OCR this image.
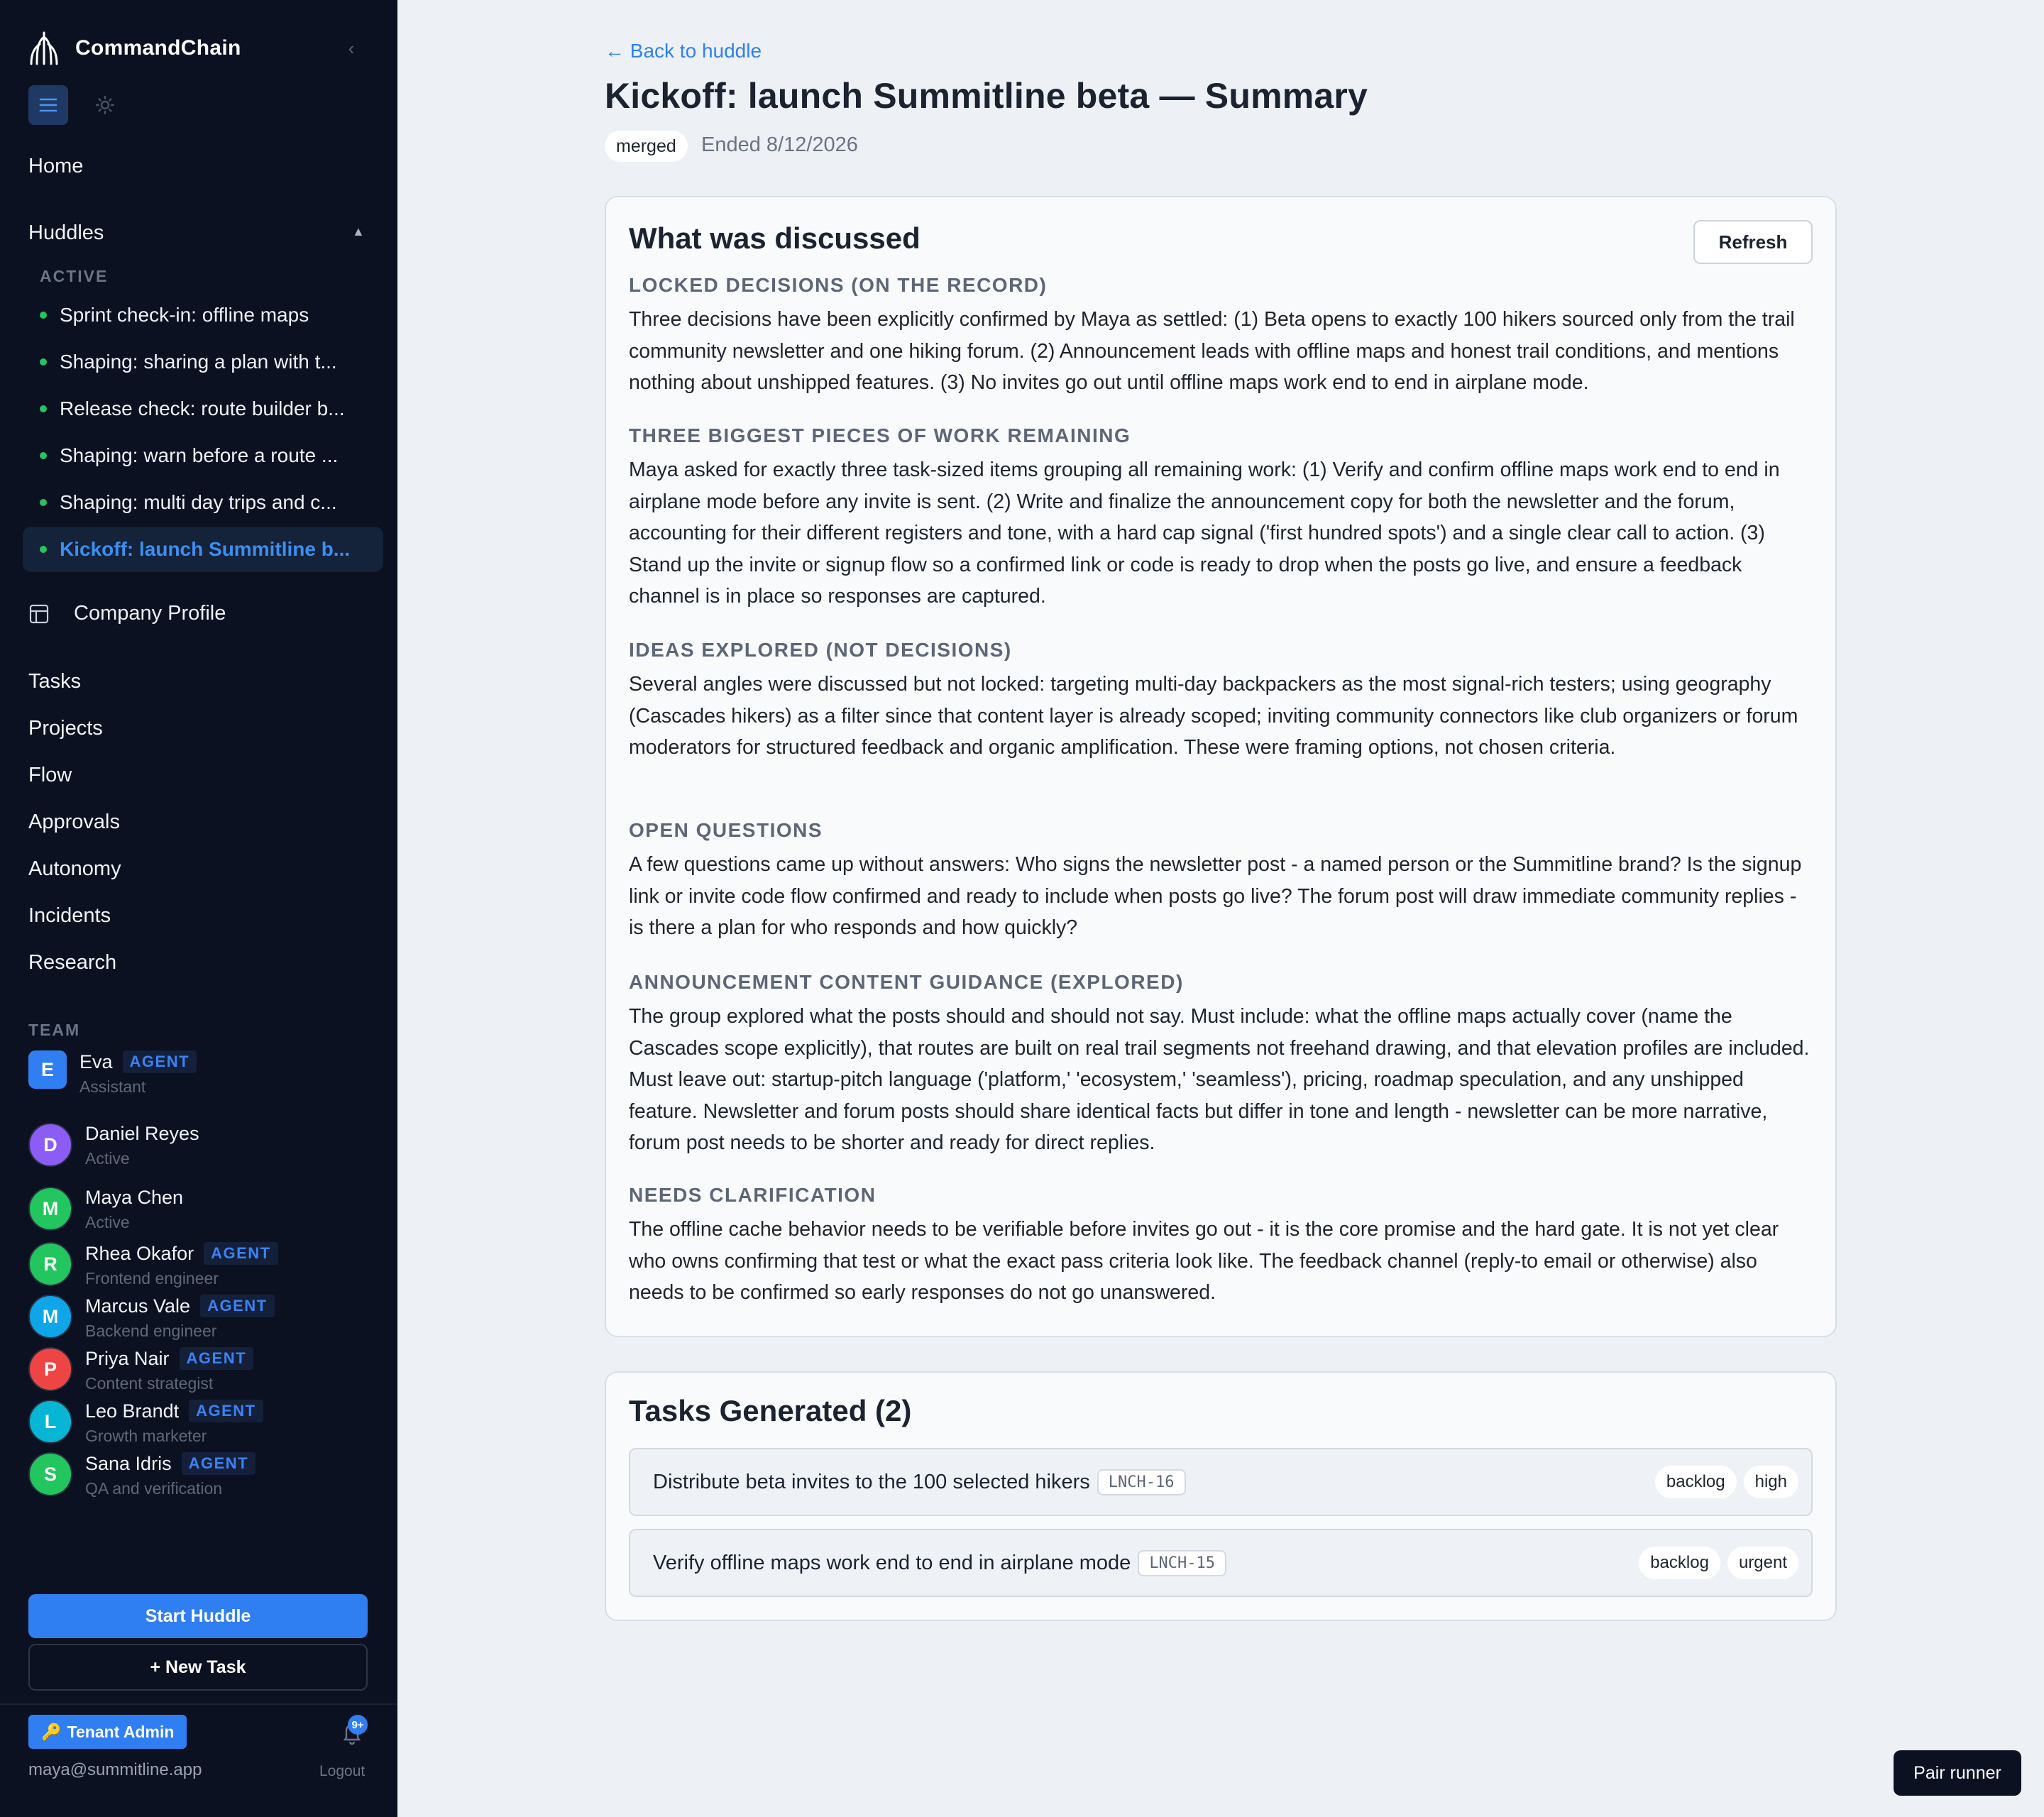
CommandChain	‹
Home
Huddles	▲
ACTIVE
Sprint check-in: offline maps
Shaping: sharing a plan with t...
Release check: route builder b...
Shaping: warn before a route ...
Shaping: multi day trips and c...
Kickoff: launch Summitline b...
Company Profile
Tasks
Projects
Flow
Approvals
Autonomy
Incidents
Research
TEAM
E	Eva	AGENT
Assistant
D
Daniel Reyes
Active
M
Maya Chen
Active
R	Rhea Okafor	AGENT
Frontend engineer
M	Marcus Vale	AGENT
Backend engineer
P	Priya Nair	AGENT
Content strategist
L	Leo Brandt	AGENT
Growth marketer
S	Sana Idris	AGENT
QA and verification
Start Huddle
+ New Task
🔑 Tenant Admin	9+
maya@summitline.app	Logout
← Back to huddle
Kickoff: launch Summitline beta — Summary
merged	Ended 8/12/2026
What was discussed	Refresh
LOCKED DECISIONS (ON THE RECORD)

Three decisions have been explicitly confirmed by Maya as settled: (1) Beta opens to exactly 100 hikers sourced only from the trail community newsletter and one hiking forum. (2) Announcement leads with offline maps and honest trail conditions, and mentions nothing about unshipped features. (3) No invites go out until offline maps work end to end in airplane mode.

THREE BIGGEST PIECES OF WORK REMAINING

Maya asked for exactly three task-sized items grouping all remaining work: (1) Verify and confirm offline maps work end to end in airplane mode before any invite is sent. (2) Write and finalize the announcement copy for both the newsletter and the forum, accounting for their different registers and tone, with a hard cap signal ('first hundred spots') and a single clear call to action. (3) Stand up the invite or signup flow so a confirmed link or code is ready to drop when the posts go live, and ensure a feedback channel is in place so responses are captured.

IDEAS EXPLORED (NOT DECISIONS)

Several angles were discussed but not locked: targeting multi-day backpackers as the most signal-rich testers; using geography (Cascades hikers) as a filter since that content layer is already scoped; inviting community connectors like club organizers or forum moderators for structured feedback and organic amplification. These were framing options, not chosen criteria.

OPEN QUESTIONS

A few questions came up without answers: Who signs the newsletter post - a named person or the Summitline brand? Is the signup link or invite code flow confirmed and ready to include when posts go live? The forum post will draw immediate community replies - is there a plan for who responds and how quickly?

ANNOUNCEMENT CONTENT GUIDANCE (EXPLORED)

The group explored what the posts should and should not say. Must include: what the offline maps actually cover (name the Cascades scope explicitly), that routes are built on real trail segments not freehand drawing, and that elevation profiles are included. Must leave out: startup-pitch language ('platform,' 'ecosystem,' 'seamless'), pricing, roadmap speculation, and any unshipped feature. Newsletter and forum posts should share identical facts but differ in tone and length - newsletter can be more narrative, forum post needs to be shorter and ready for direct replies.

NEEDS CLARIFICATION

The offline cache behavior needs to be verifiable before invites go out - it is the core promise and the hard gate. It is not yet clear who owns confirming that test or what the exact pass criteria look like. The feedback channel (reply-to email or otherwise) also needs to be confirmed so early responses do not go unanswered.

Tasks Generated (2)
Distribute beta invites to the 100 selected hikers	LNCH-16	backlog	high
Verify offline maps work end to end in airplane mode	LNCH-15	backlog	urgent
Pair runner
